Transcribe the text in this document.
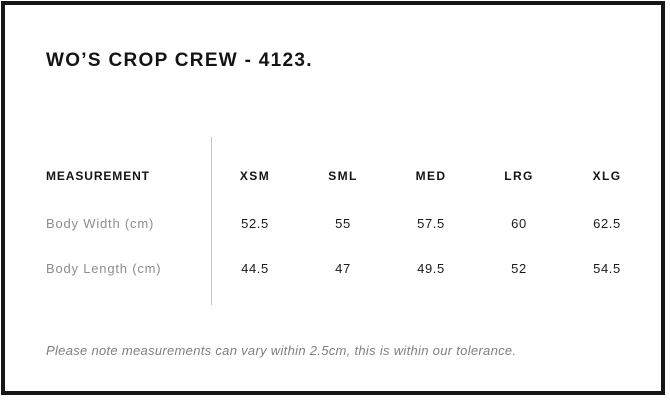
WO’S CROP CREW - 4123.
MEASUREMENT	XSM	SML	MED	LRG	XLG
Body Width (cm)	52.5	55	57.5	60	62.5
Body Length (cm)	44.5	47	49.5	52	54.5

Please note measurements can vary within 2.5cm, this is within our tolerance.
